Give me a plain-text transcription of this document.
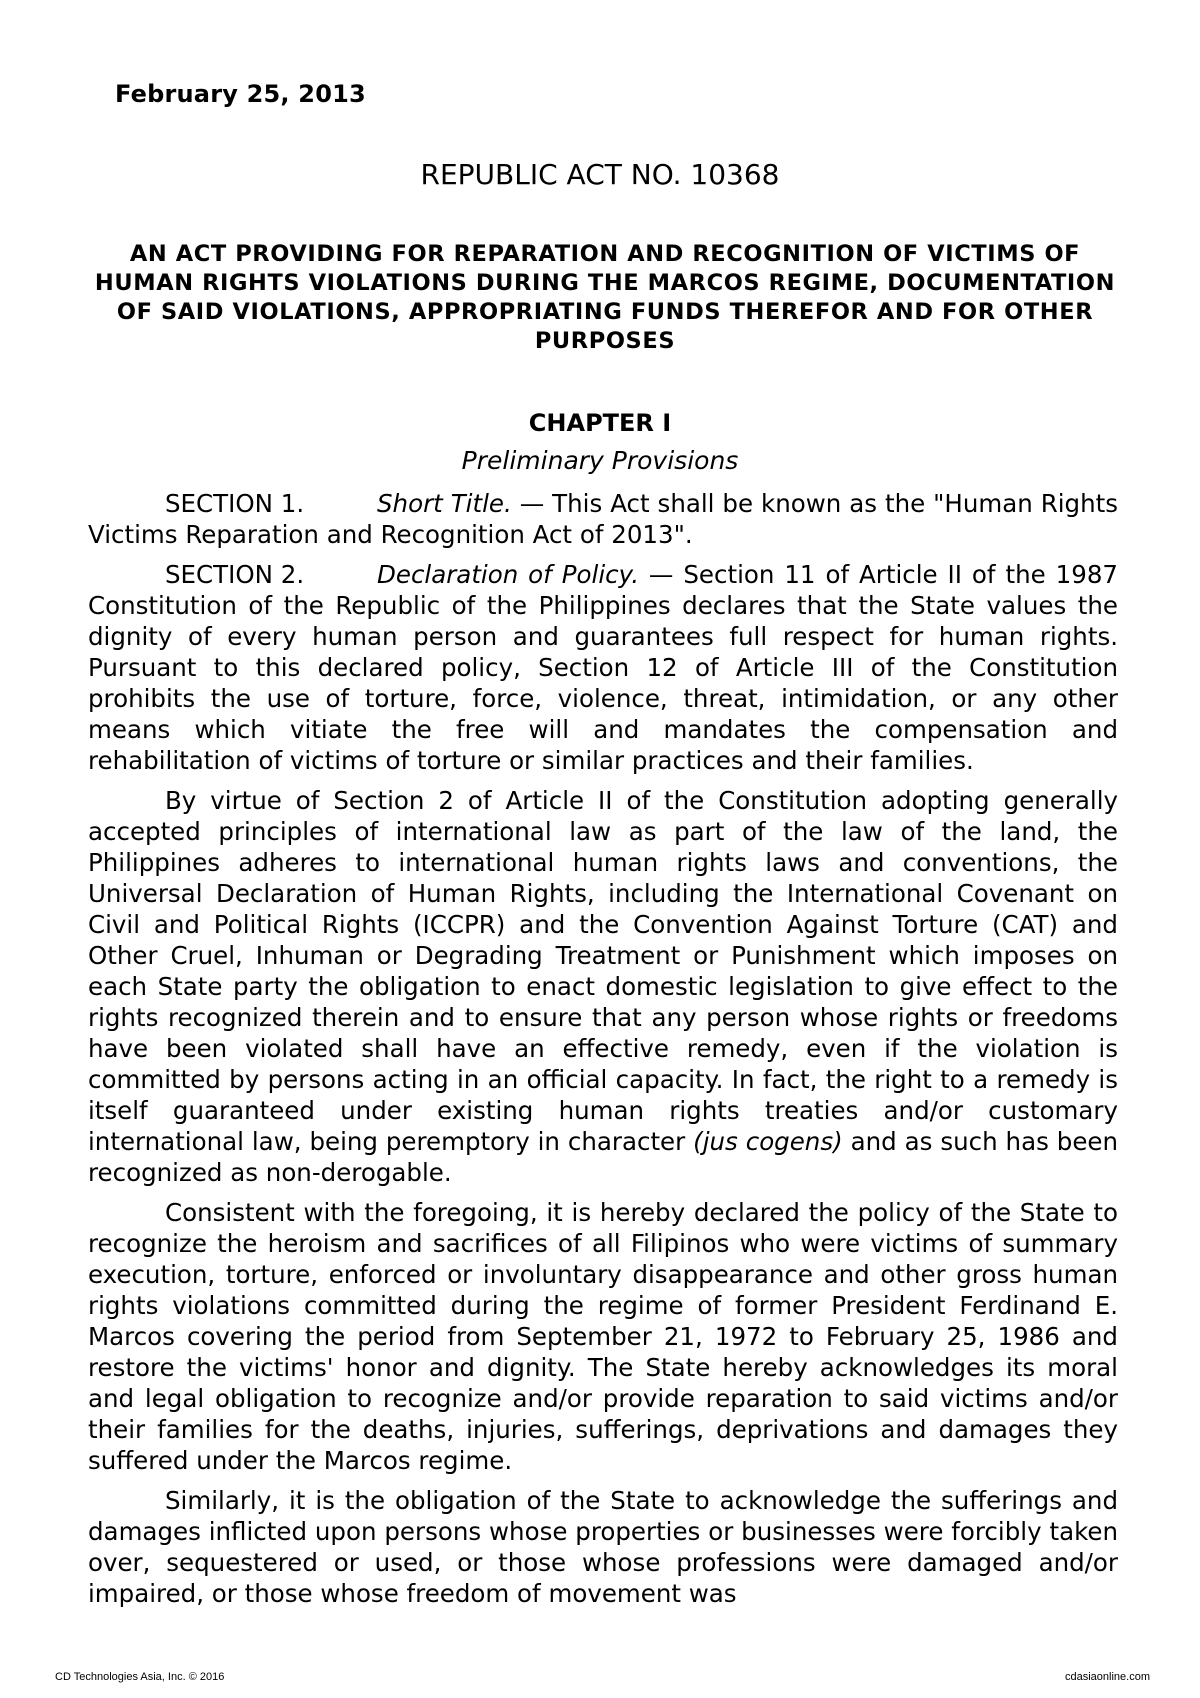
February 25, 2013
REPUBLIC ACT NO. 10368
AN ACT PROVIDING FOR REPARATION AND RECOGNITION OF VICTIMS OF HUMAN RIGHTS VIOLATIONS DURING THE MARCOS REGIME, DOCUMENTATION OF SAID VIOLATIONS, APPROPRIATING FUNDS THEREFOR AND FOR OTHER PURPOSES
CHAPTER I
Preliminary Provisions

SECTION 1.	Short Title. — This Act shall be known as the "Human Rights Victims Reparation and Recognition Act of 2013".

SECTION 2.	Declaration of Policy. — Section 11 of Article II of the 1987 Constitution of the Republic of the Philippines declares that the State values the dignity of every human person and guarantees full respect for human rights. Pursuant to this declared policy, Section 12 of Article III of the Constitution prohibits the use of torture, force, violence, threat, intimidation, or any other means which vitiate the free will and mandates the compensation and rehabilitation of victims of torture or similar practices and their families.

By virtue of Section 2 of Article II of the Constitution adopting generally accepted principles of international law as part of the law of the land, the Philippines adheres to international human rights laws and conventions, the Universal Declaration of Human Rights, including the International Covenant on Civil and Political Rights (ICCPR) and the Convention Against Torture (CAT) and Other Cruel, Inhuman or Degrading Treatment or Punishment which imposes on each State party the obligation to enact domestic legislation to give effect to the rights recognized therein and to ensure that any person whose rights or freedoms have been violated shall have an effective remedy, even if the violation is committed by persons acting in an official capacity. In fact, the right to a remedy is itself guaranteed under existing human rights treaties and/or customary international law, being peremptory in character (jus cogens) and as such has been recognized as non-derogable.

Consistent with the foregoing, it is hereby declared the policy of the State to recognize the heroism and sacrifices of all Filipinos who were victims of summary execution, torture, enforced or involuntary disappearance and other gross human rights violations committed during the regime of former President Ferdinand E. Marcos covering the period from September 21, 1972 to February 25, 1986 and restore the victims' honor and dignity. The State hereby acknowledges its moral and legal obligation to recognize and/or provide reparation to said victims and/or their families for the deaths, injuries, sufferings, deprivations and damages they suffered under the Marcos regime.

Similarly, it is the obligation of the State to acknowledge the sufferings and damages inflicted upon persons whose properties or businesses were forcibly taken over, sequestered or used, or those whose professions were damaged and/or impaired, or those whose freedom of movement was

CD Technologies Asia, Inc. © 2016	cdasiaonline.com
